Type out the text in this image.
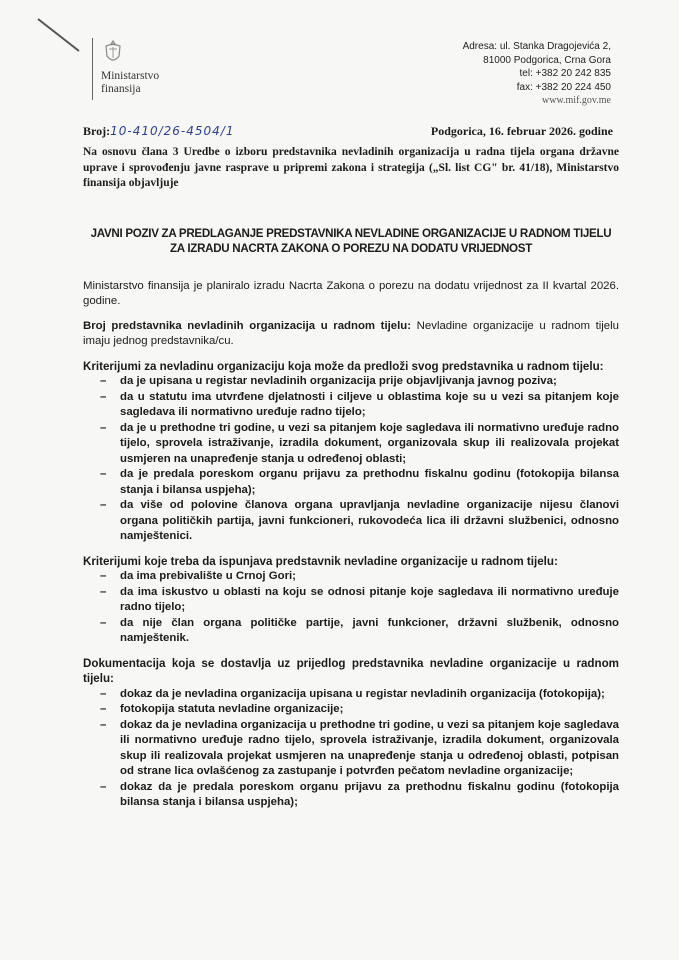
Ministarstvo
finansija
Adresa: ul. Stanka Dragojevića 2,
81000 Podgorica, Crna Gora
tel: +382 20 242 835
fax: +382 20 224 450
www.mif.gov.me
Broj:10-410/26-4504/1	Podgorica, 16. februar 2026. godine
Na osnovu člana 3 Uredbe o izboru predstavnika nevladinih organizacija u radna tijela organa državne uprave i sprovođenju javne rasprave u pripremi zakona i strategija („Sl. list CG" br. 41/18), Ministarstvo finansija objavljuje
JAVNI POZIV ZA PREDLAGANJE PREDSTAVNIKA NEVLADINE ORGANIZACIJE U RADNOM TIJELU
ZA IZRADU NACRTA ZAKONA O POREZU NA DODATU VRIJEDNOST
Ministarstvo finansija je planiralo izradu Nacrta Zakona o porezu na dodatu vrijednost za II kvartal 2026. godine.
Broj predstavnika nevladinih organizacija u radnom tijelu: Nevladine organizacije u radnom tijelu imaju jednog predstavnika/cu.
Kriterijumi za nevladinu organizaciju koja može da predloži svog predstavnika u radnom tijelu:
– da je upisana u registar nevladinih organizacija prije objavljivanja javnog poziva;
– da u statutu ima utvrđene djelatnosti i ciljeve u oblastima koje su u vezi sa pitanjem koje sagledava ili normativno uređuje radno tijelo;
– da je u prethodne tri godine, u vezi sa pitanjem koje sagledava ili normativno uređuje radno tijelo, sprovela istraživanje, izradila dokument, organizovala skup ili realizovala projekat usmjeren na unapređenje stanja u određenoj oblasti;
– da je predala poreskom organu prijavu za prethodnu fiskalnu godinu (fotokopija bilansa stanja i bilansa uspjeha);
– da više od polovine članova organa upravljanja nevladine organizacije nijesu članovi organa političkih partija, javni funkcioneri, rukovodeća lica ili državni službenici, odnosno namještenici.
Kriterijumi koje treba da ispunjava predstavnik nevladine organizacije u radnom tijelu:
– da ima prebivalište u Crnoj Gori;
– da ima iskustvo u oblasti na koju se odnosi pitanje koje sagledava ili normativno uređuje radno tijelo;
– da nije član organa političke partije, javni funkcioner, državni službenik, odnosno namještenik.
Dokumentacija koja se dostavlja uz prijedlog predstavnika nevladine organizacije u radnom tijelu:
– dokaz da je nevladina organizacija upisana u registar nevladinih organizacija (fotokopija);
– fotokopija statuta nevladine organizacije;
– dokaz da je nevladina organizacija u prethodne tri godine, u vezi sa pitanjem koje sagledava ili normativno uređuje radno tijelo, sprovela istraživanje, izradila dokument, organizovala skup ili realizovala projekat usmjeren na unapređenje stanja u određenoj oblasti, potpisan od strane lica ovlašćenog za zastupanje i potvrđen pečatom nevladine organizacije;
– dokaz da je predala poreskom organu prijavu za prethodnu fiskalnu godinu (fotokopija bilansa stanja i bilansa uspjeha);
